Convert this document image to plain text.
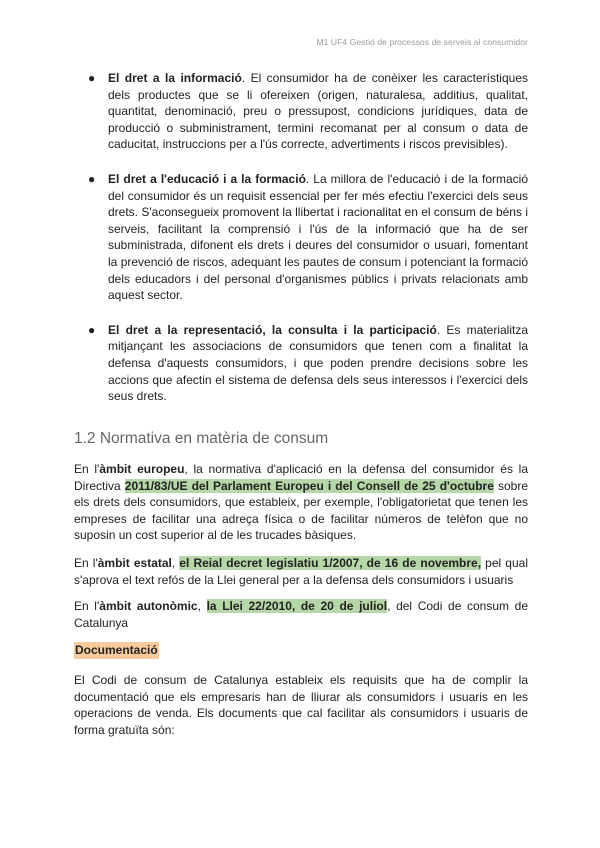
M1 UF4 Gestió de processos de serveis al consumidor
● El dret a la informació. El consumidor ha de conèixer les característiques dels productes que se li ofereixen (origen, naturalesa, additius, qualitat, quantitat, denominació, preu o pressupost, condicions jurídiques, data de producció o subministrament, termini recomanat per al consum o data de caducitat, instruccions per a l'ús correcte, advertiments i riscos previsibles).
● El dret a l'educació i a la formació. La millora de l'educació i de la formació del consumidor és un requisit essencial per fer més efectiu l'exercici dels seus drets. S'aconsegueix promovent la llibertat i racionalitat en el consum de béns i serveis, facilitant la comprensió i l'ús de la informació que ha de ser subministrada, difonent els drets i deures del consumidor o usuari, fomentant la prevenció de riscos, adequant les pautes de consum i potenciant la formació dels educadors i del personal d'organismes públics i privats relacionats amb aquest sector.
● El dret a la representació, la consulta i la participació. Es materialitza mitjançant les associacions de consumidors que tenen com a finalitat la defensa d'aquests consumidors, i que poden prendre decisions sobre les accions que afectin el sistema de defensa dels seus interessos i l'exercici dels seus drets.
1.2 Normativa en matèria de consum

En l'àmbit europeu, la normativa d'aplicació en la defensa del consumidor és la Directiva 2011/83/UE del Parlament Europeu i del Consell de 25 d'octubre sobre els drets dels consumidors, que estableix, per exemple, l'obligatorietat que tenen les empreses de facilitar una adreça física o de facilitar números de telèfon que no suposin un cost superior al de les trucades bàsiques.

En l'àmbit estatal, el Reial decret legislatiu 1/2007, de 16 de novembre, pel qual s'aprova el text refós de la Llei general per a la defensa dels consumidors i usuaris

En l'àmbit autonòmic, la Llei 22/2010, de 20 de juliol, del Codi de consum de Catalunya

Documentació

El Codi de consum de Catalunya estableix els requisits que ha de complir la documentació que els empresaris han de lliurar als consumidors i usuaris en les operacions de venda. Els documents que cal facilitar als consumidors i usuaris de forma gratuïta són:
